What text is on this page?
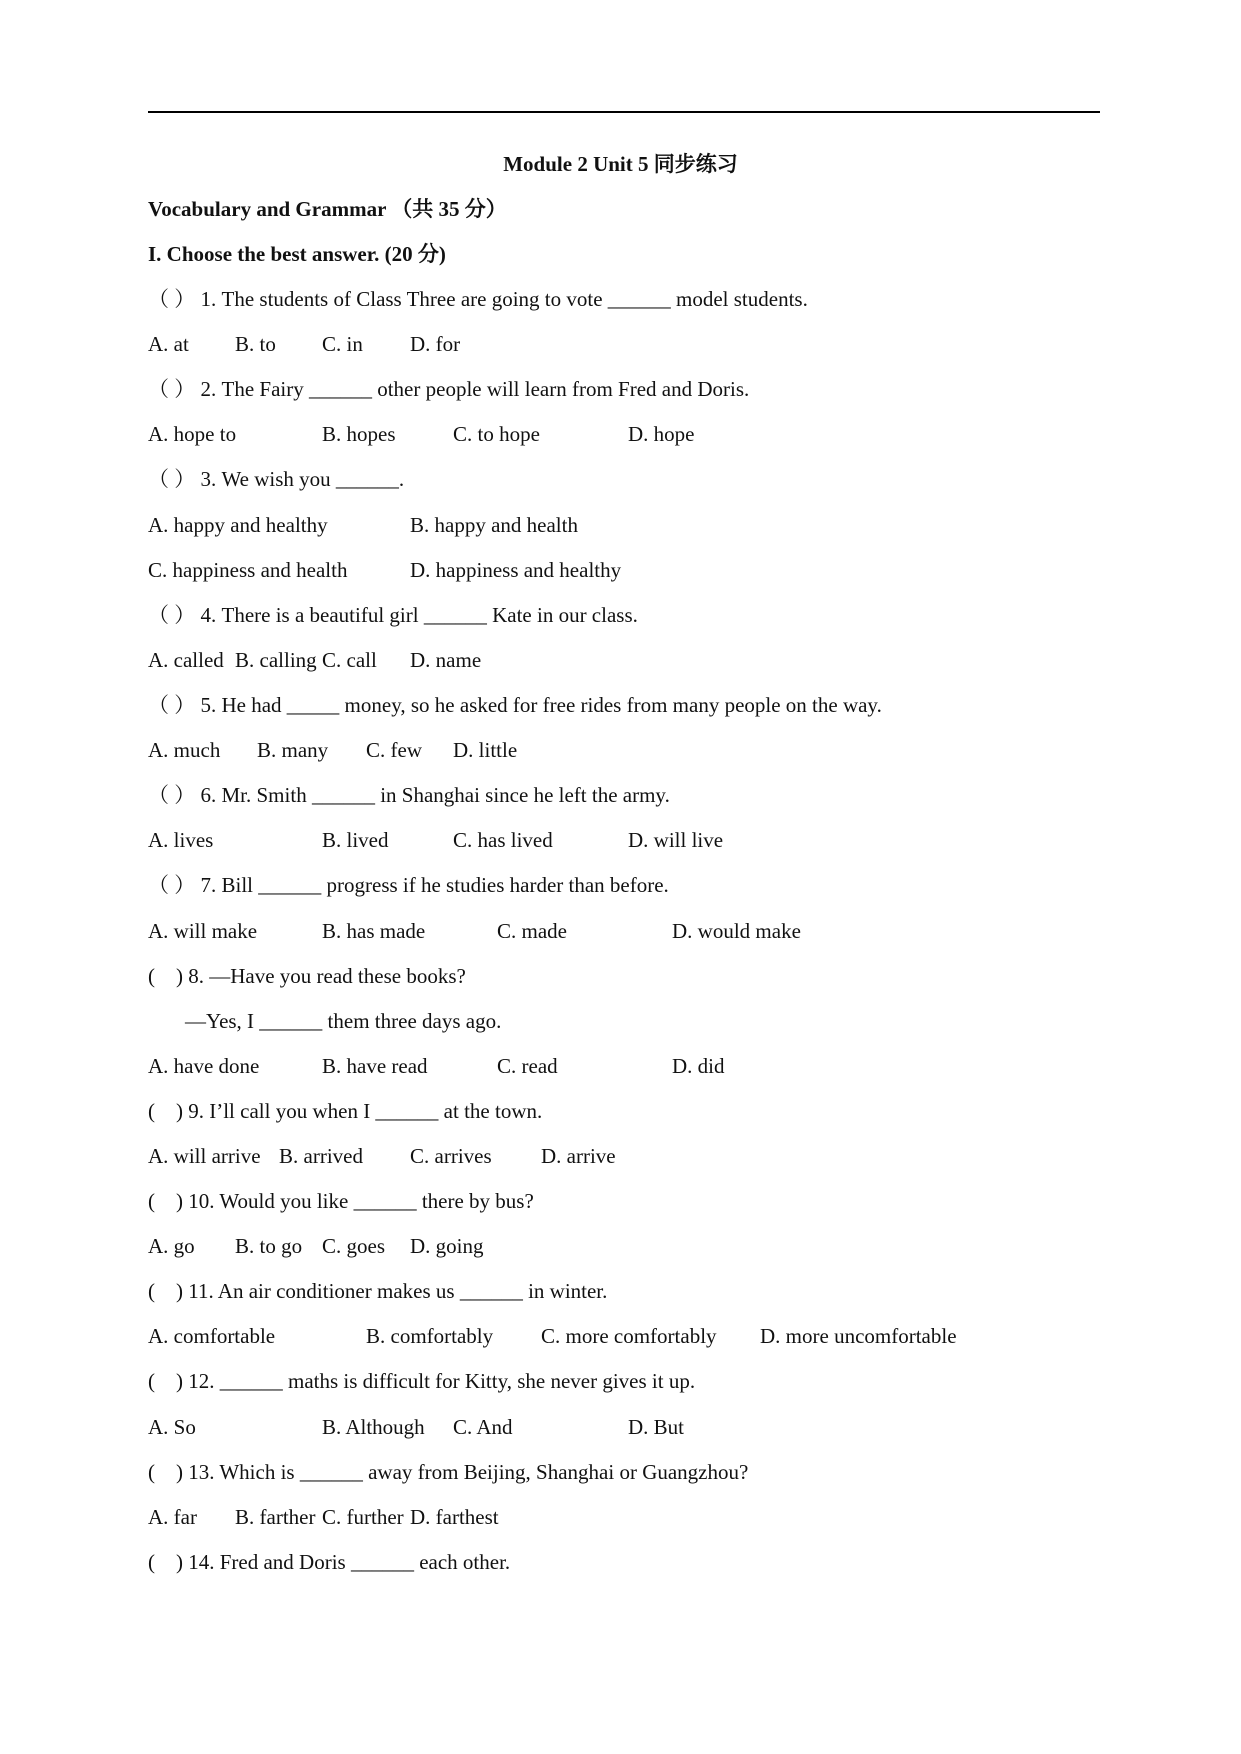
Module 2 Unit 5 同步练习
Vocabulary and Grammar （共 35 分）
I. Choose the best answer. (20 分)
（ ） 1. The students of Class Three are going to vote ______ model students.
A. at B. to C. in D. for
（ ） 2. The Fairy ______ other people will learn from Fred and Doris.
A. hope to	B. hopes	C. to hope	D. hope
（ ） 3. We wish you ______.
A. happy and healthy	B. happy and health
C. happiness and health	D. happiness and healthy
（ ） 4. There is a beautiful girl ______ Kate in our class.
A. called B. calling C. call D. name
（ ） 5. He had _____ money, so he asked for free rides from many people on the way.
A. much B. many C. few D. little
（ ） 6. Mr. Smith ______ in Shanghai since he left the army.
A. lives	B. lived	C. has lived	D. will live
（ ） 7. Bill ______ progress if he studies harder than before.
A. will make	B. has made	C. made	D. would make
(　) 8. —Have you read these books?
—Yes, I ______ them three days ago.
A. have done	B. have read	C. read	D. did
(　) 9. I’ll call you when I ______ at the town.
A. will arrive B. arrived C. arrives D. arrive
(　) 10. Would you like ______ there by bus?
A. go B. to go C. goes D. going
(　) 11. An air conditioner makes us ______ in winter.
A. comfortable	B. comfortably C. more comfortably D. more uncomfortable
(　) 12. ______ maths is difficult for Kitty, she never gives it up.
A. So	B. Although C. And	D. But
(　) 13. Which is ______ away from Beijing, Shanghai or Guangzhou?
A. far B. farther C. further D. farthest
(　) 14. Fred and Doris ______ each other.
